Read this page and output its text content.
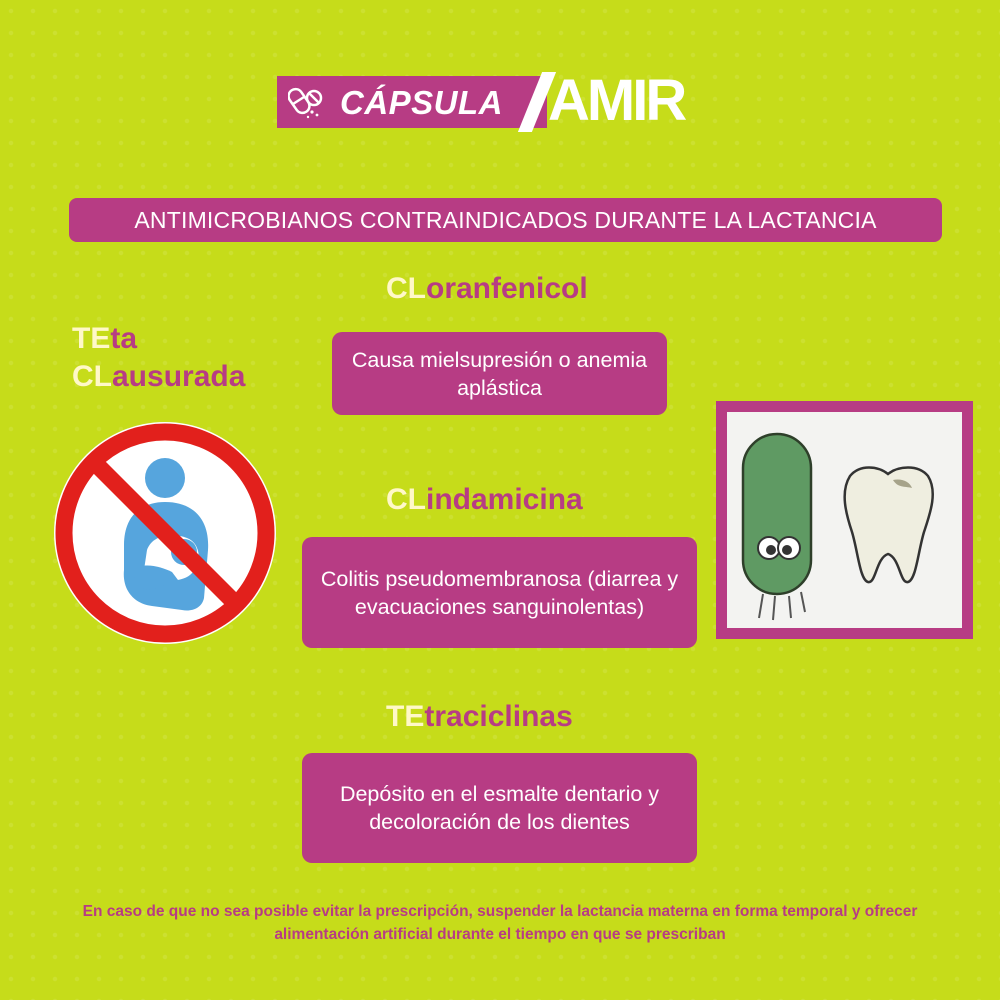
CÁPSULA AMIR
ANTIMICROBIANOS CONTRAINDICADOS DURANTE LA LACTANCIA
TEta
CLausurada
CLoranfenicol
Causa mielsupresión o anemia aplástica
CLindamicina
Colitis pseudomembranosa (diarrea y evacuaciones sanguinolentas)
TEtraciclinas
Depósito en el esmalte dentario y decoloración de los dientes
En caso de que no sea posible evitar la prescripción, suspender la lactancia materna en forma temporal y ofrecer alimentación artificial durante el tiempo en que se prescriban
